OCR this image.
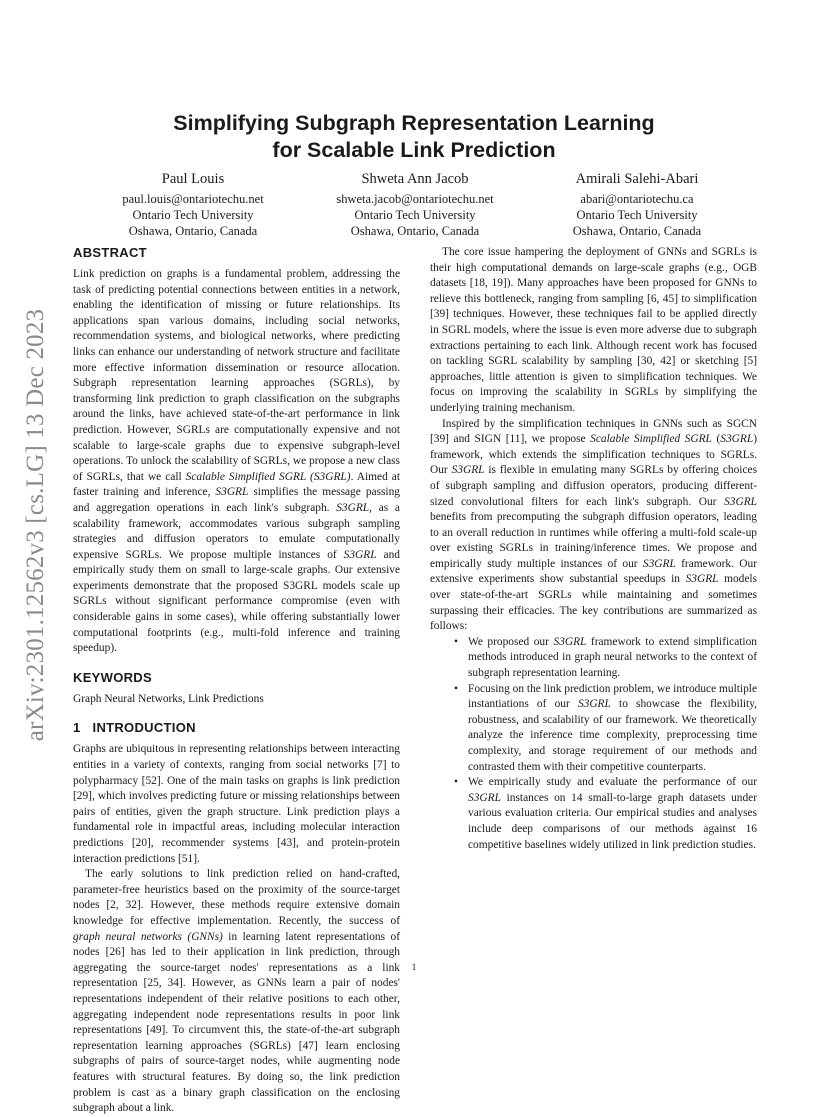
arXiv:2301.12562v3 [cs.LG] 13 Dec 2023
Simplifying Subgraph Representation Learning
for Scalable Link Prediction
Paul Louis
paul.louis@ontariotechu.net
Ontario Tech University
Oshawa, Ontario, Canada
Shweta Ann Jacob
shweta.jacob@ontariotechu.net
Ontario Tech University
Oshawa, Ontario, Canada
Amirali Salehi-Abari
abari@ontariotechu.ca
Ontario Tech University
Oshawa, Ontario, Canada
ABSTRACT

Link prediction on graphs is a fundamental problem, addressing the task of predicting potential connections between entities in a network, enabling the identification of missing or future relationships. Its applications span various domains, including social networks, recommendation systems, and biological networks, where predicting links can enhance our understanding of network structure and facilitate more effective information dissemination or resource allocation. Subgraph representation learning approaches (SGRLs), by transforming link prediction to graph classification on the subgraphs around the links, have achieved state-of-the-art performance in link prediction. However, SGRLs are computationally expensive and not scalable to large-scale graphs due to expensive subgraph-level operations. To unlock the scalability of SGRLs, we propose a new class of SGRLs, that we call Scalable Simplified SGRL (S3GRL). Aimed at faster training and inference, S3GRL simplifies the message passing and aggregation operations in each link's subgraph. S3GRL, as a scalability framework, accommodates various subgraph sampling strategies and diffusion operators to emulate computationally expensive SGRLs. We propose multiple instances of S3GRL and empirically study them on small to large-scale graphs. Our extensive experiments demonstrate that the proposed S3GRL models scale up SGRLs without significant performance compromise (even with considerable gains in some cases), while offering substantially lower computational footprints (e.g., multi-fold inference and training speedup).

KEYWORDS

Graph Neural Networks, Link Predictions

1 INTRODUCTION

Graphs are ubiquitous in representing relationships between interacting entities in a variety of contexts, ranging from social networks [7] to polypharmacy [52]. One of the main tasks on graphs is link prediction [29], which involves predicting future or missing relationships between pairs of entities, given the graph structure. Link prediction plays a fundamental role in impactful areas, including molecular interaction predictions [20], recommender systems [43], and protein-protein interaction predictions [51].

The early solutions to link prediction relied on hand-crafted, parameter-free heuristics based on the proximity of the source-target nodes [2, 32]. However, these methods require extensive domain knowledge for effective implementation. Recently, the success of graph neural networks (GNNs) in learning latent representations of nodes [26] has led to their application in link prediction, through aggregating the source-target nodes' representations as a link representation [25, 34]. However, as GNNs learn a pair of nodes' representations independent of their relative positions to each other, aggregating independent node representations results in poor link representations [49]. To circumvent this, the state-of-the-art subgraph representation learning approaches (SGRLs) [47] learn enclosing subgraphs of pairs of source-target nodes, while augmenting node features with structural features. By doing so, the link prediction problem is cast as a binary graph classification on the enclosing subgraph about a link.

The core issue hampering the deployment of GNNs and SGRLs is their high computational demands on large-scale graphs (e.g., OGB datasets [18, 19]). Many approaches have been proposed for GNNs to relieve this bottleneck, ranging from sampling [6, 45] to simplification [39] techniques. However, these techniques fail to be applied directly in SGRL models, where the issue is even more adverse due to subgraph extractions pertaining to each link. Although recent work has focused on tackling SGRL scalability by sampling [30, 42] or sketching [5] approaches, little attention is given to simplification techniques. We focus on improving the scalability in SGRLs by simplifying the underlying training mechanism.

Inspired by the simplification techniques in GNNs such as SGCN [39] and SIGN [11], we propose Scalable Simplified SGRL (S3GRL) framework, which extends the simplification techniques to SGRLs. Our S3GRL is flexible in emulating many SGRLs by offering choices of subgraph sampling and diffusion operators, producing different-sized convolutional filters for each link's subgraph. Our S3GRL benefits from precomputing the subgraph diffusion operators, leading to an overall reduction in runtimes while offering a multi-fold scale-up over existing SGRLs in training/inference times. We propose and empirically study multiple instances of our S3GRL framework. Our extensive experiments show substantial speedups in S3GRL models over state-of-the-art SGRLs while maintaining and sometimes surpassing their efficacies. The key contributions are summarized as follows:

• We proposed our S3GRL framework to extend simplification methods introduced in graph neural networks to the context of subgraph representation learning.
• Focusing on the link prediction problem, we introduce multiple instantiations of our S3GRL to showcase the flexibility, robustness, and scalability of our framework. We theoretically analyze the inference time complexity, preprocessing time complexity, and storage requirement of our methods and contrasted them with their competitive counterparts.
• We empirically study and evaluate the performance of our S3GRL instances on 14 small-to-large graph datasets under various evaluation criteria. Our empirical studies and analyses include deep comparisons of our methods against 16 competitive baselines widely utilized in link prediction studies.
1
